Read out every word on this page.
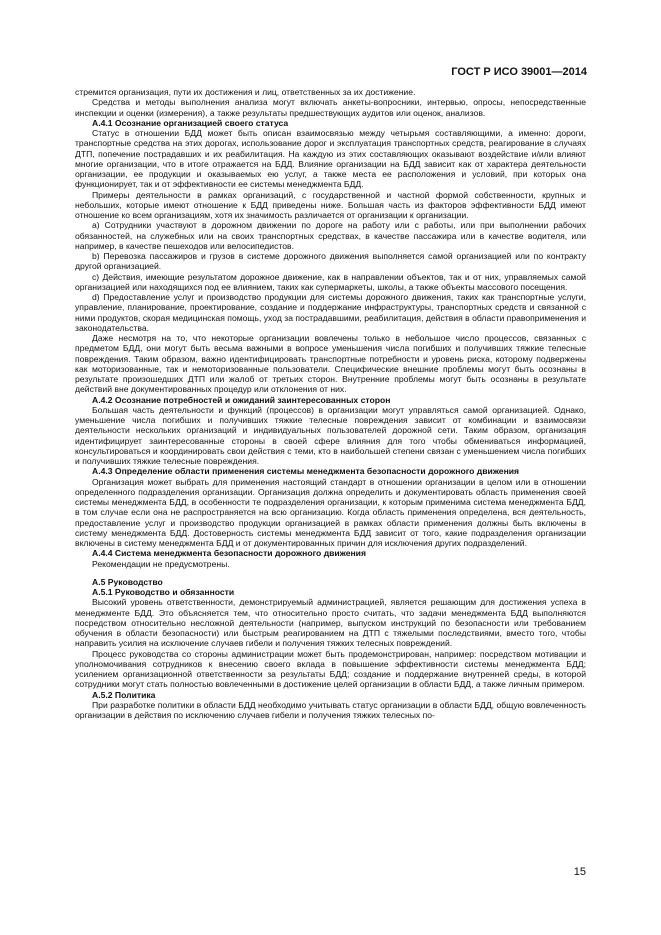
ГОСТ Р ИСО 39001—2014

стремится организация, пути их достижения и лиц, ответственных за их достижение.

Средства и методы выполнения анализа могут включать анкеты-вопросники, интервью, опросы, непосредственные инспекции и оценки (измерения), а также результаты предшествующих аудитов или оценок, анализов.

А.4.1 Осознание организацией своего статуса

Статус в отношении БДД может быть описан взаимосвязью между четырьмя составляющими, а именно: дороги, транспортные средства на этих дорогах, использование дорог и эксплуатация транспортных средств, реагирование в случаях ДТП, попечение пострадавших и их реабилитация. На каждую из этих составляющих оказывают воздействие и/или влияют многие организации, что в итоге отражается на БДД. Влияние организации на БДД зависит как от характера деятельности организации, ее продукции и оказываемых ею услуг, а также места ее расположения и условий, при которых она функционирует, так и от эффективности ее системы менеджмента БДД.

Примеры деятельности в рамках организаций, с государственной и частной формой собственности, крупных и небольших, которые имеют отношение к БДД приведены ниже. Большая часть из факторов эффективности БДД имеют отношение ко всем организациям, хотя их значимость различается от организации к организации.

a) Сотрудники участвуют в дорожном движении по дороге на работу или с работы, или при выполнении рабочих обязанностей, на служебных или на своих транспортных средствах, в качестве пассажира или в качестве водителя, или например, в качестве пешеходов или велосипедистов.

b) Перевозка пассажиров и грузов в системе дорожного движения выполняется самой организацией или по контракту другой организацией.

c) Действия, имеющие результатом дорожное движение, как в направлении объектов, так и от них, управляемых самой организацией или находящихся под ее влиянием, таких как супермаркеты, школы, а также объекты массового посещения.

d) Предоставление услуг и производство продукции для системы дорожного движения, таких как транспортные услуги, управление, планирование, проектирование, создание и поддержание инфраструктуры, транспортных средств и связанной с ними продуктов, скорая медицинская помощь, уход за пострадавшими, реабилитация, действия в области правоприменения и законодательства.

Даже несмотря на то, что некоторые организации вовлечены только в небольшое число процессов, связанных с предметом БДД, они могут быть весьма важными в вопросе уменьшения числа погибших и получивших тяжкие телесные повреждения. Таким образом, важно идентифицировать транспортные потребности и уровень риска, которому подвержены как моторизованные, так и немоторизованные пользователи. Специфические внешние проблемы могут быть осознаны в результате произошедших ДТП или жалоб от третьих сторон. Внутренние проблемы могут быть осознаны в результате действий вне документированных процедур или отклонения от них.

А.4.2 Осознание потребностей и ожиданий заинтересованных сторон

Большая часть деятельности и функций (процессов) в организации могут управляться самой организацией. Однако, уменьшение числа погибших и получивших тяжкие телесные повреждения зависит от комбинации и взаимосвязи деятельности нескольких организаций и индивидуальных пользователей дорожной сети. Таким образом, организация идентифицирует заинтересованные стороны в своей сфере влияния для того чтобы обмениваться информацией, консультироваться и координировать свои действия с теми, кто в наибольшей степени связан с уменьшением числа погибших и получивших тяжкие телесные повреждения.

А.4.3 Определение области применения системы менеджмента безопасности дорожного движения

Организация может выбрать для применения настоящий стандарт в отношении организации в целом или в отношении определенного подразделения организации. Организация должна определить и документировать область применения своей системы менеджмента БДД, в особенности те подразделения организации, к которым применима система менеджмента БДД, в том случае если она не распространяется на всю организацию. Когда область применения определена, вся деятельность, предоставление услуг и производство продукции организацией в рамках области применения должны быть включены в систему менеджмента БДД. Достоверность системы менеджмента БДД зависит от того, какие подразделения организации включены в систему менеджмента БДД и от документированных причин для исключения других подразделений.

А.4.4 Система менеджмента безопасности дорожного движения

Рекомендации не предусмотрены.

А.5 Руководство
А.5.1 Руководство и обязанности

Высокий уровень ответственности, демонстрируемый администрацией, является решающим для достижения успеха в менеджменте БДД. Это объясняется тем, что относительно просто считать, что задачи менеджмента БДД выполняются посредством относительно несложной деятельности (например, выпуском инструкций по безопасности или требованием обучения в области безопасности) или быстрым реагированием на ДТП с тяжелыми последствиями, вместо того, чтобы направить усилия на исключение случаев гибели и получения тяжких телесных повреждений.

Процесс руководства со стороны администрации может быть продемонстрирован, например: посредством мотивации и уполномочивания сотрудников к внесению своего вклада в повышение эффективности системы менеджмента БДД; усилением организационной ответственности за результаты БДД; создание и поддержание внутренней среды, в которой сотрудники могут стать полностью вовлеченными в достижение целей организации в области БДД, а также личным примером.

А.5.2 Политика

При разработке политики в области БДД необходимо учитывать статус организации в области БДД, общую вовлеченность организации в действия по исключению случаев гибели и получения тяжких телесных по-

15
